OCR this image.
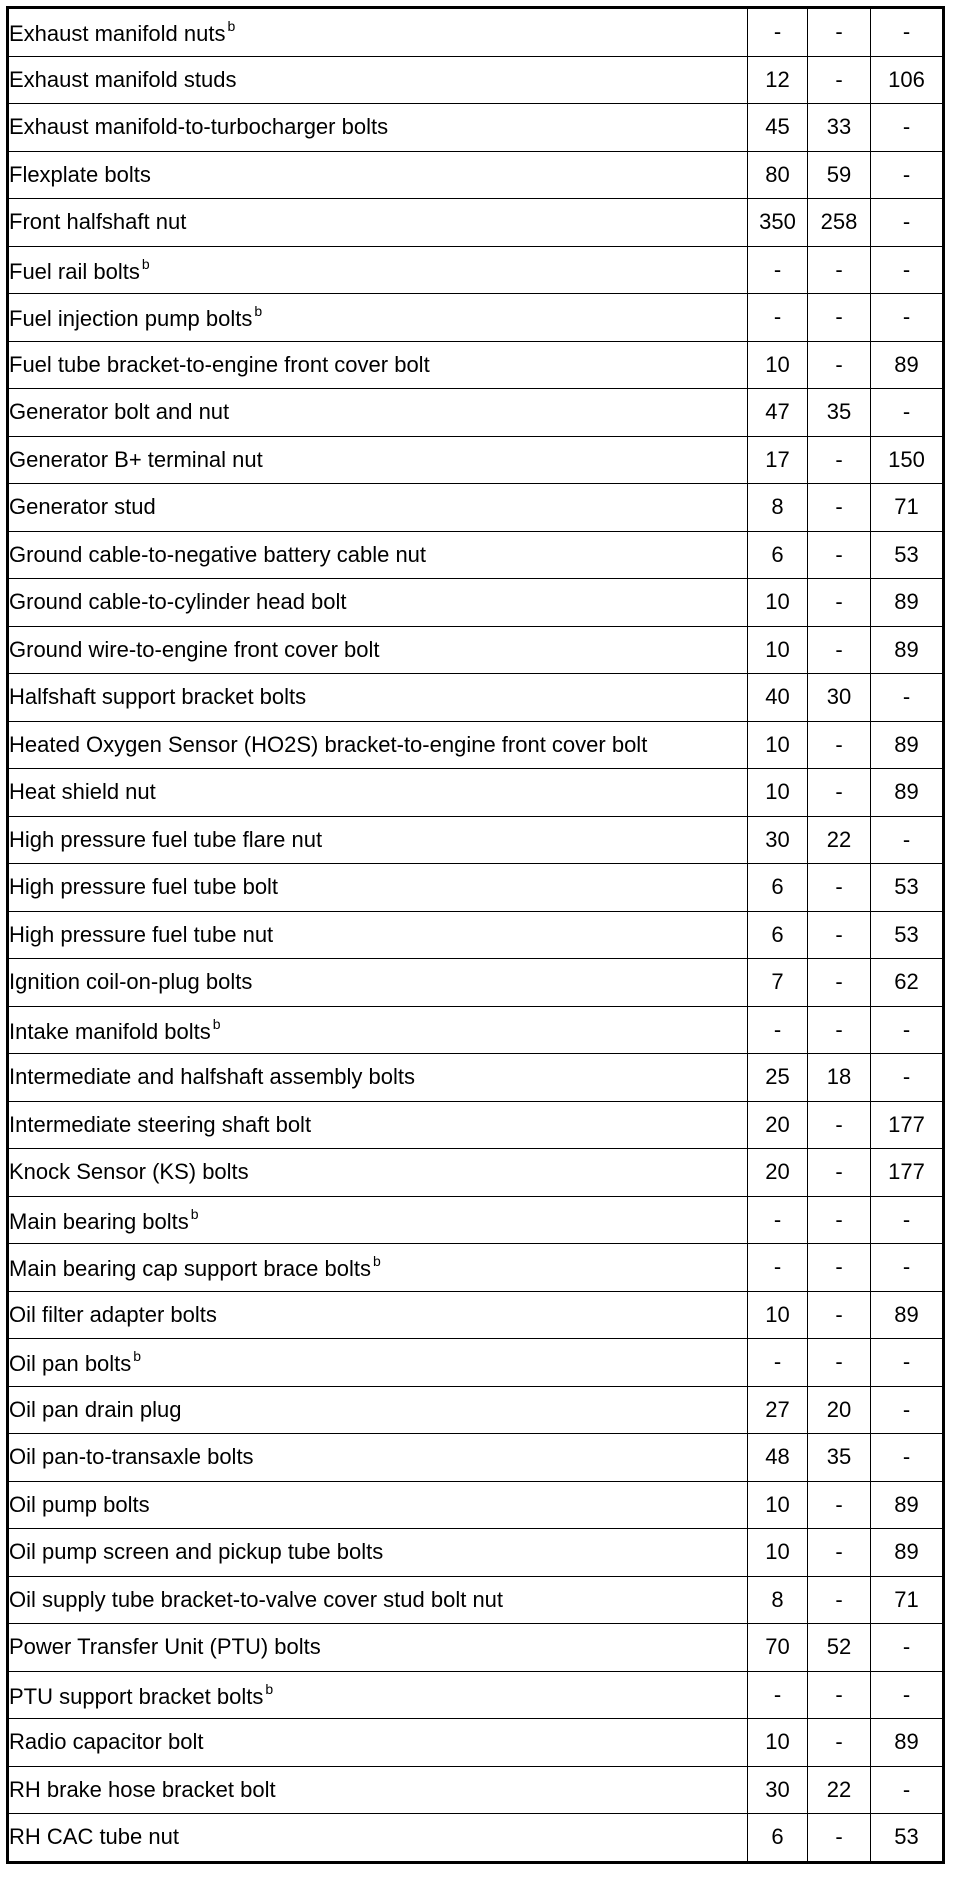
Exhaust manifold nuts $^b$	-	-	-
Exhaust manifold studs	12	-	106
Exhaust manifold-to-turbocharger bolts	45	33	-
Flexplate bolts	80	59	-
Front halfshaft nut	350	258	-
Fuel rail bolts $^b$	-	-	-
Fuel injection pump bolts $^b$	-	-	-
Fuel tube bracket-to-engine front cover bolt	10	-	89
Generator bolt and nut	47	35	-
Generator B+ terminal nut	17	-	150
Generator stud	8	-	71
Ground cable-to-negative battery cable nut	6	-	53
Ground cable-to-cylinder head bolt	10	-	89
Ground wire-to-engine front cover bolt	10	-	89
Halfshaft support bracket bolts	40	30	-
Heated Oxygen Sensor (HO2S) bracket-to-engine front cover bolt	10	-	89
Heat shield nut	10	-	89
High pressure fuel tube flare nut	30	22	-
High pressure fuel tube bolt	6	-	53
High pressure fuel tube nut	6	-	53
Ignition coil-on-plug bolts	7	-	62
Intake manifold bolts $^b$	-	-	-
Intermediate and halfshaft assembly bolts	25	18	-
Intermediate steering shaft bolt	20	-	177
Knock Sensor (KS) bolts	20	-	177
Main bearing bolts $^b$	-	-	-
Main bearing cap support brace bolts $^b$	-	-	-
Oil filter adapter bolts	10	-	89
Oil pan bolts $^b$	-	-	-
Oil pan drain plug	27	20	-
Oil pan-to-transaxle bolts	48	35	-
Oil pump bolts	10	-	89
Oil pump screen and pickup tube bolts	10	-	89
Oil supply tube bracket-to-valve cover stud bolt nut	8	-	71
Power Transfer Unit (PTU) bolts	70	52	-
PTU support bracket bolts $^b$	-	-	-
Radio capacitor bolt	10	-	89
RH brake hose bracket bolt	30	22	-
RH CAC tube nut	6	-	53
